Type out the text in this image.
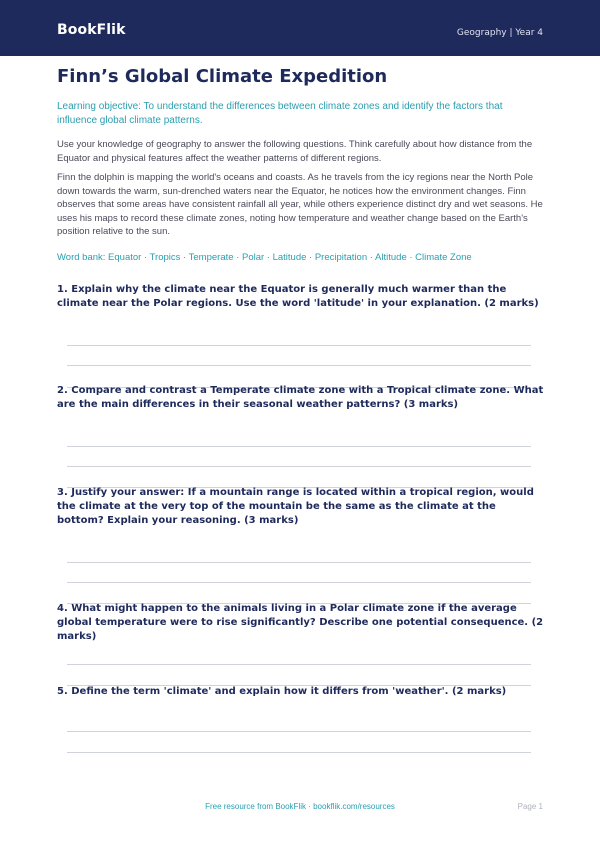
BookFlik	Geography | Year 4
Finn’s Global Climate Expedition
Learning objective: To understand the differences between climate zones and identify the factors that influence global climate patterns.
Use your knowledge of geography to answer the following questions. Think carefully about how distance from the Equator and physical features affect the weather patterns of different regions.
Finn the dolphin is mapping the world's oceans and coasts. As he travels from the icy regions near the North Pole down towards the warm, sun-drenched waters near the Equator, he notices how the environment changes. Finn observes that some areas have consistent rainfall all year, while others experience distinct dry and wet seasons. He uses his maps to record these climate zones, noting how temperature and weather change based on the Earth's position relative to the sun.
Word bank: Equator · Tropics · Temperate · Polar · Latitude · Precipitation · Altitude · Climate Zone
1. Explain why the climate near the Equator is generally much warmer than the climate near the Polar regions. Use the word 'latitude' in your explanation. (2 marks)
2. Compare and contrast a Temperate climate zone with a Tropical climate zone. What are the main differences in their seasonal weather patterns? (3 marks)
3. Justify your answer: If a mountain range is located within a tropical region, would the climate at the very top of the mountain be the same as the climate at the bottom? Explain your reasoning. (3 marks)
4. What might happen to the animals living in a Polar climate zone if the average global temperature were to rise significantly? Describe one potential consequence. (2 marks)
5. Define the term 'climate' and explain how it differs from 'weather'. (2 marks)
Free resource from BookFlik · bookflik.com/resources	Page 1
